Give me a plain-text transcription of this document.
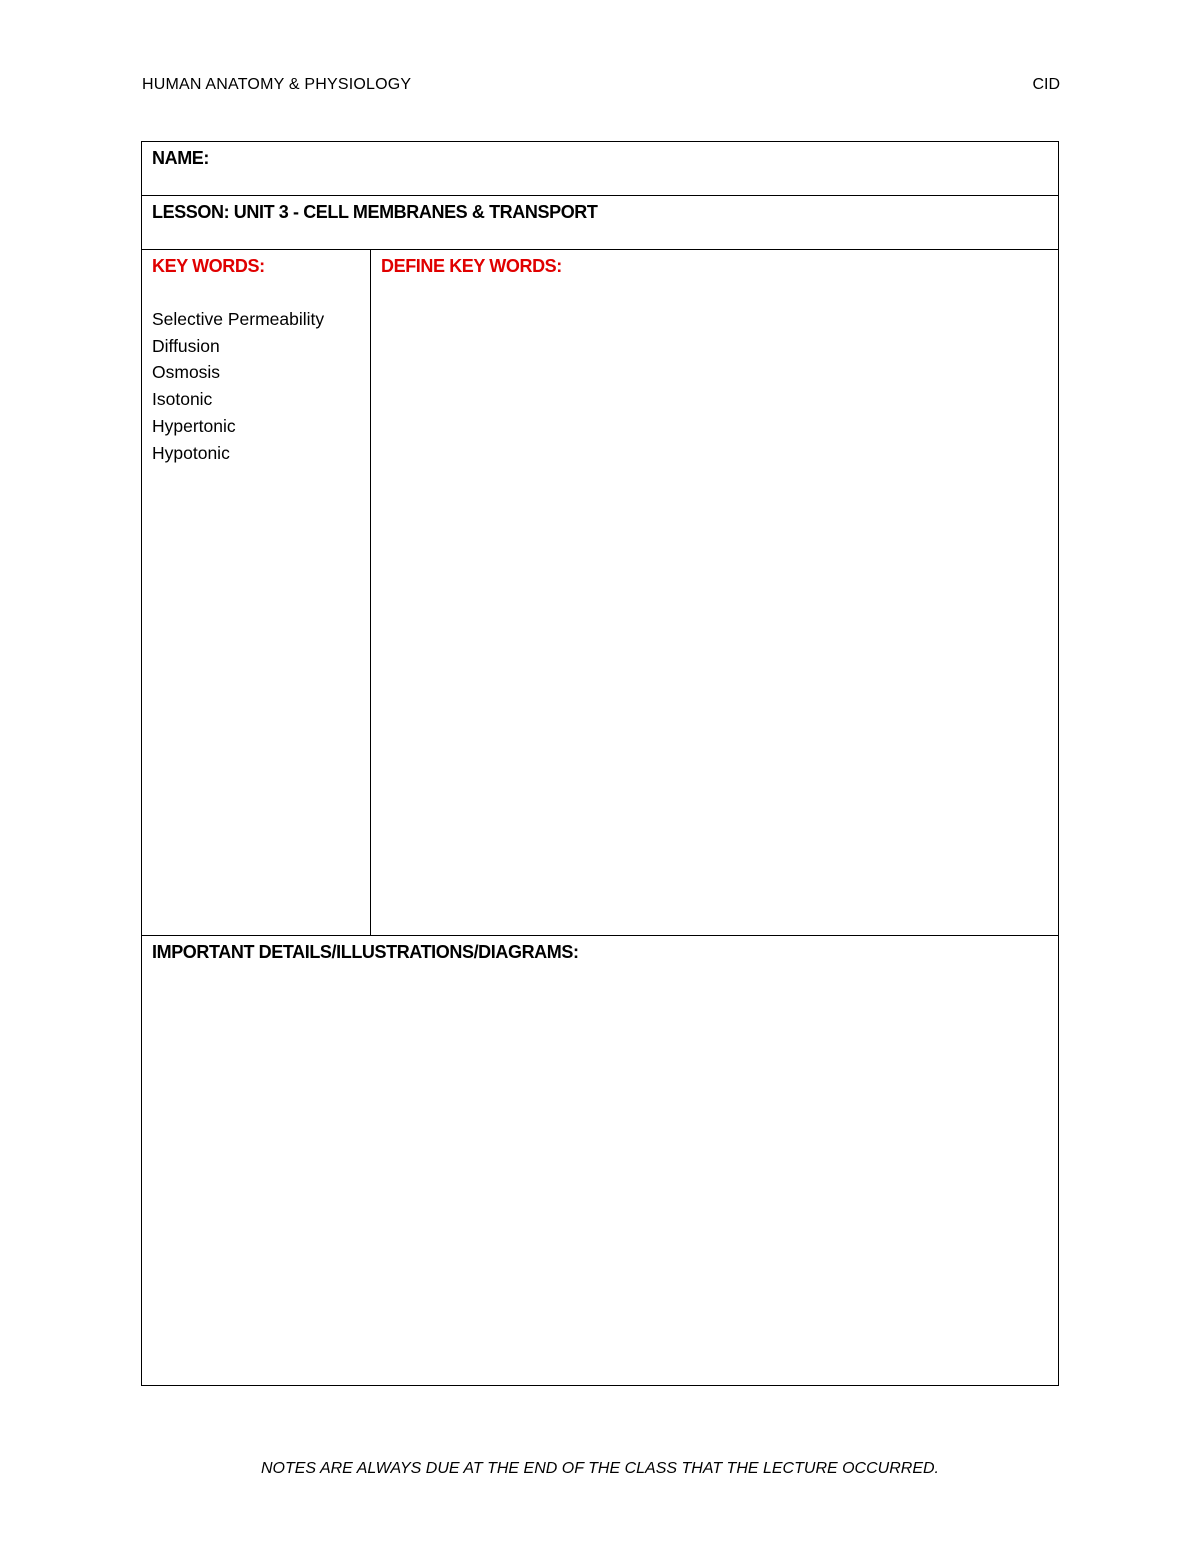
HUMAN ANATOMY & PHYSIOLOGY	CID
NAME:
LESSON: UNIT 3 - CELL MEMBRANES & TRANSPORT
KEY WORDS:
Selective Permeability
Diffusion
Osmosis
Isotonic
Hypertonic
Hypotonic
DEFINE KEY WORDS:
IMPORTANT DETAILS/ILLUSTRATIONS/DIAGRAMS:
NOTES ARE ALWAYS DUE AT THE END OF THE CLASS THAT THE LECTURE OCCURRED.
